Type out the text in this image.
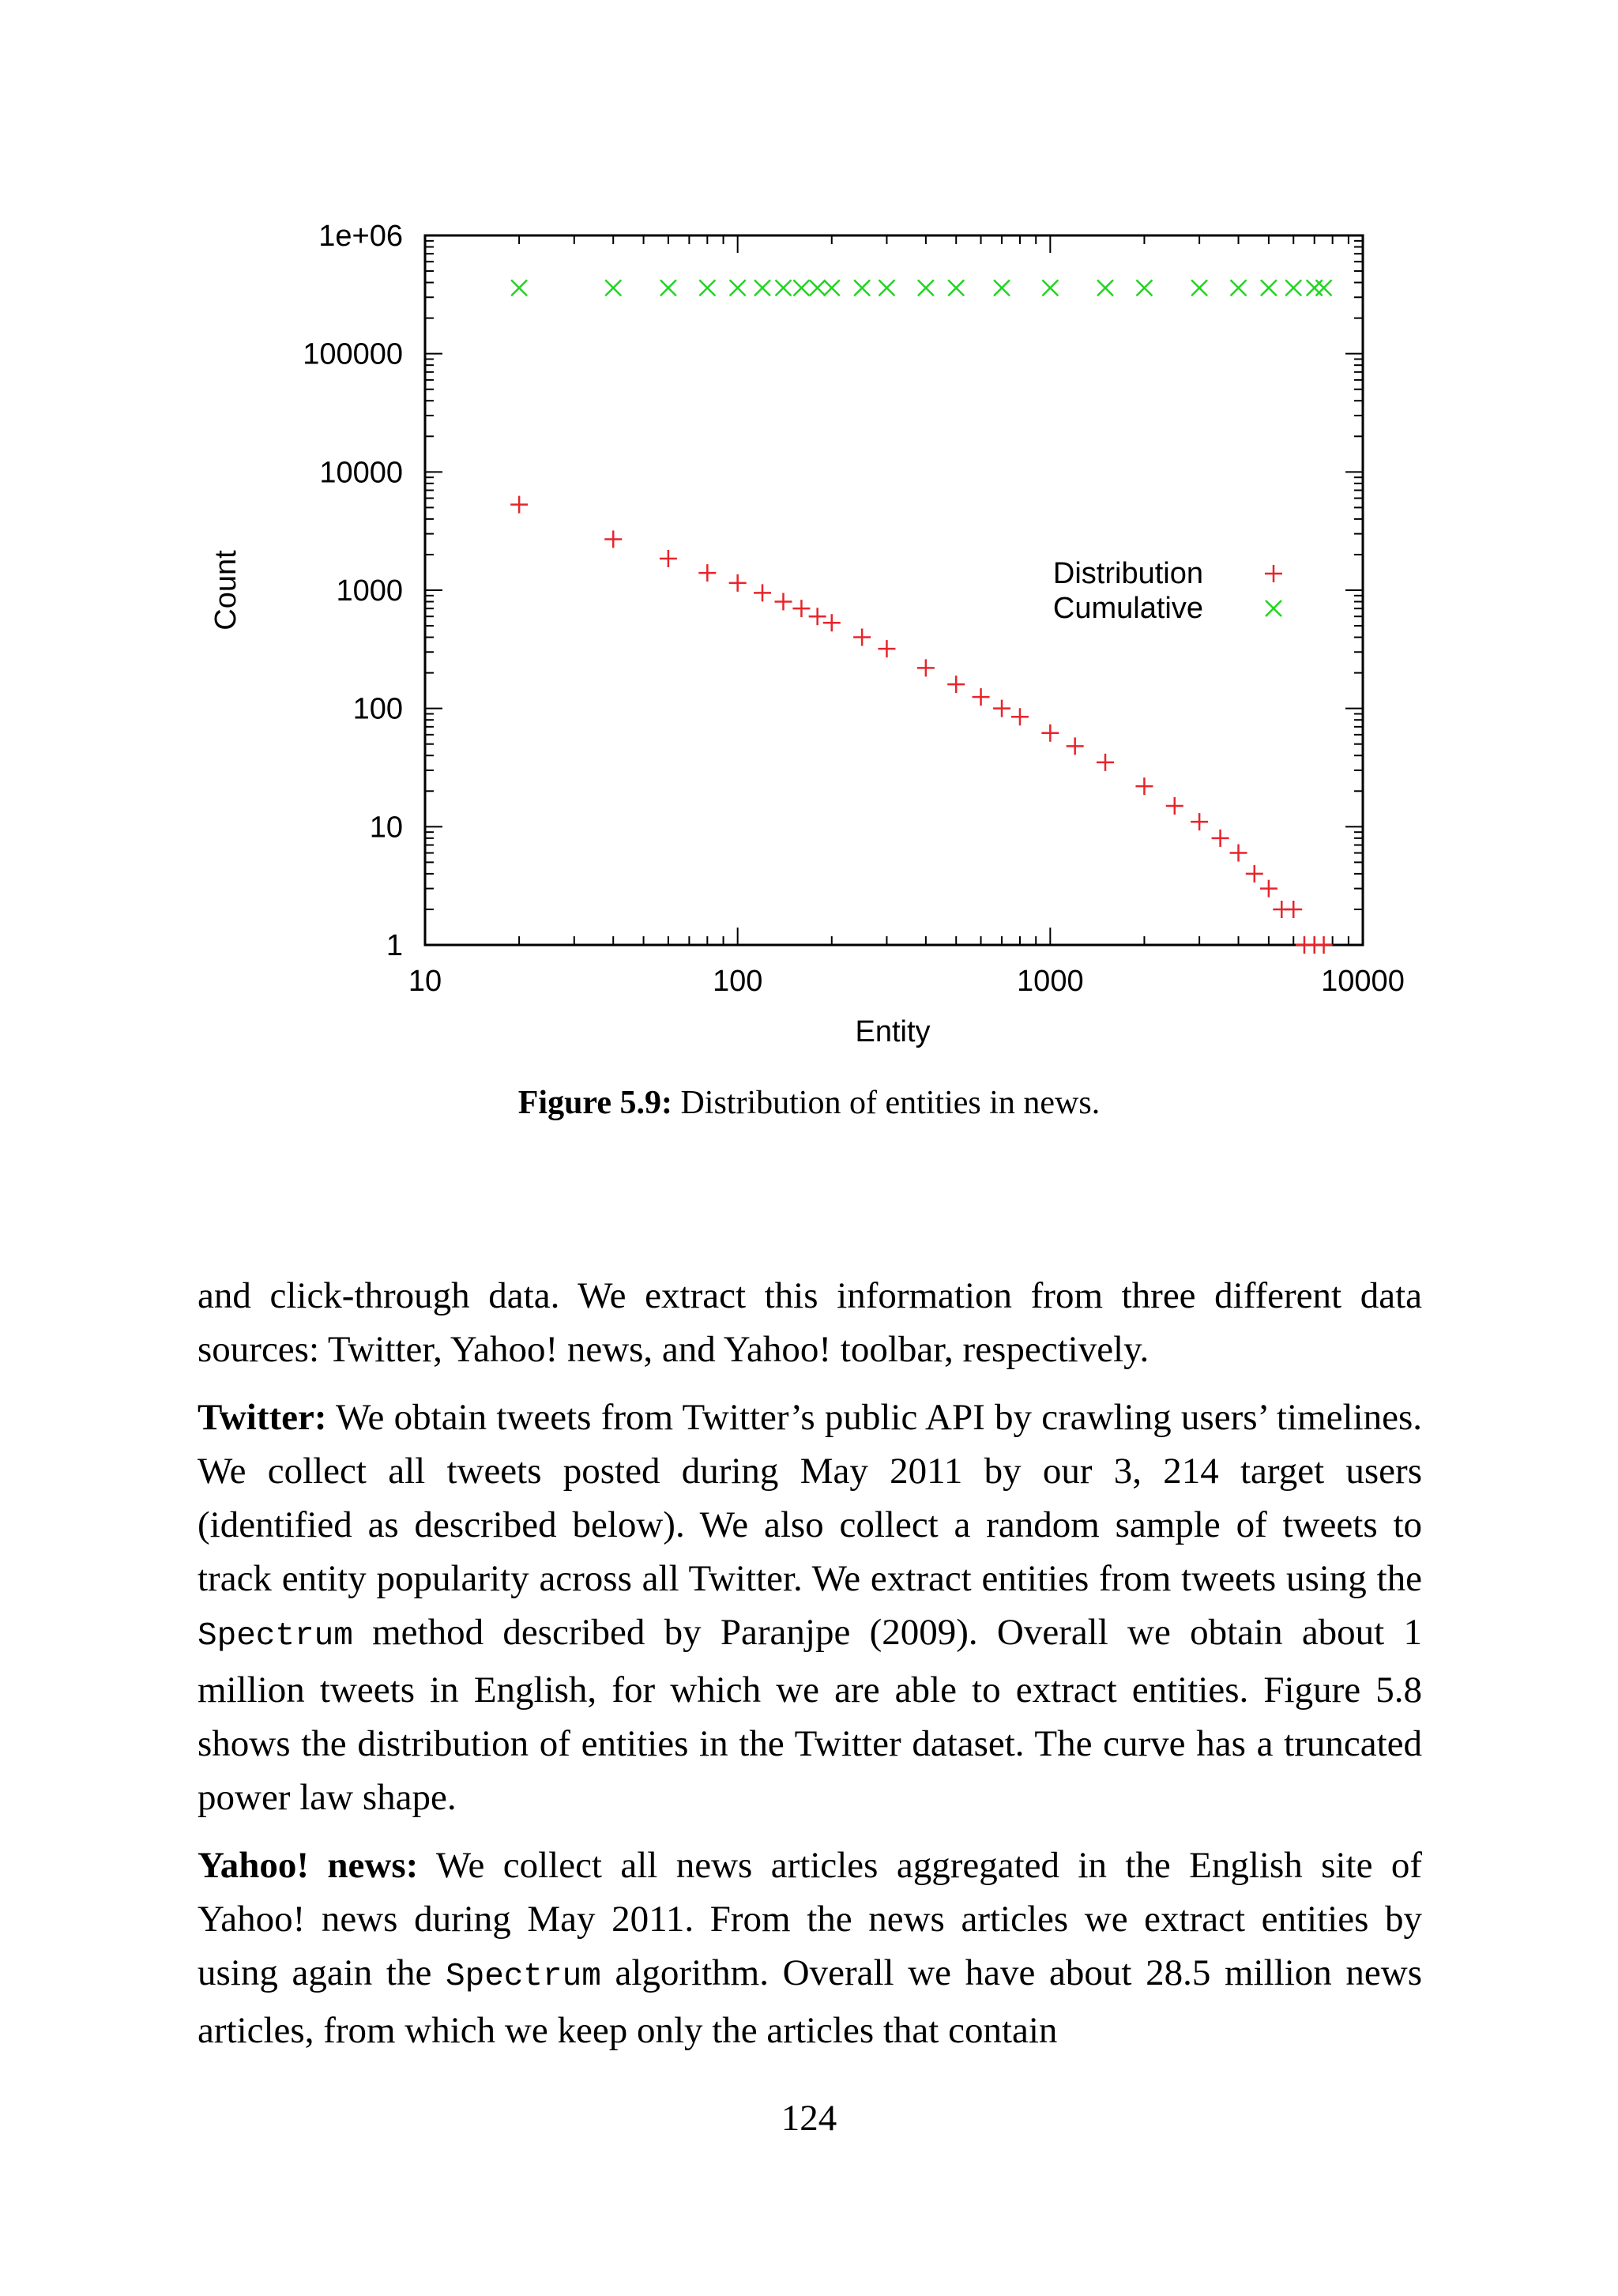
1
10
100
1000
10000
100000
1e+06
10	100	1000	10000
Entity
Count	Distribution
Cumulative
Figure 5.9: Distribution of entities in news.

and click-through data. We extract this information from three different data sources: Twitter, Yahoo! news, and Yahoo! toolbar, respectively.

Twitter: We obtain tweets from Twitter’s public API by crawling users’ timelines. We collect all tweets posted during May 2011 by our 3, 214 target users (identified as described below). We also collect a random sample of tweets to track entity popularity across all Twitter. We extract entities from tweets using the Spectrum method described by Paranjpe (2009). Overall we obtain about 1 million tweets in English, for which we are able to extract entities. Figure 5.8 shows the distribution of entities in the Twitter dataset. The curve has a truncated power law shape.

Yahoo! news: We collect all news articles aggregated in the English site of Yahoo! news during May 2011. From the news articles we extract entities by using again the Spectrum algorithm. Overall we have about 28.5 million news articles, from which we keep only the articles that contain

124
